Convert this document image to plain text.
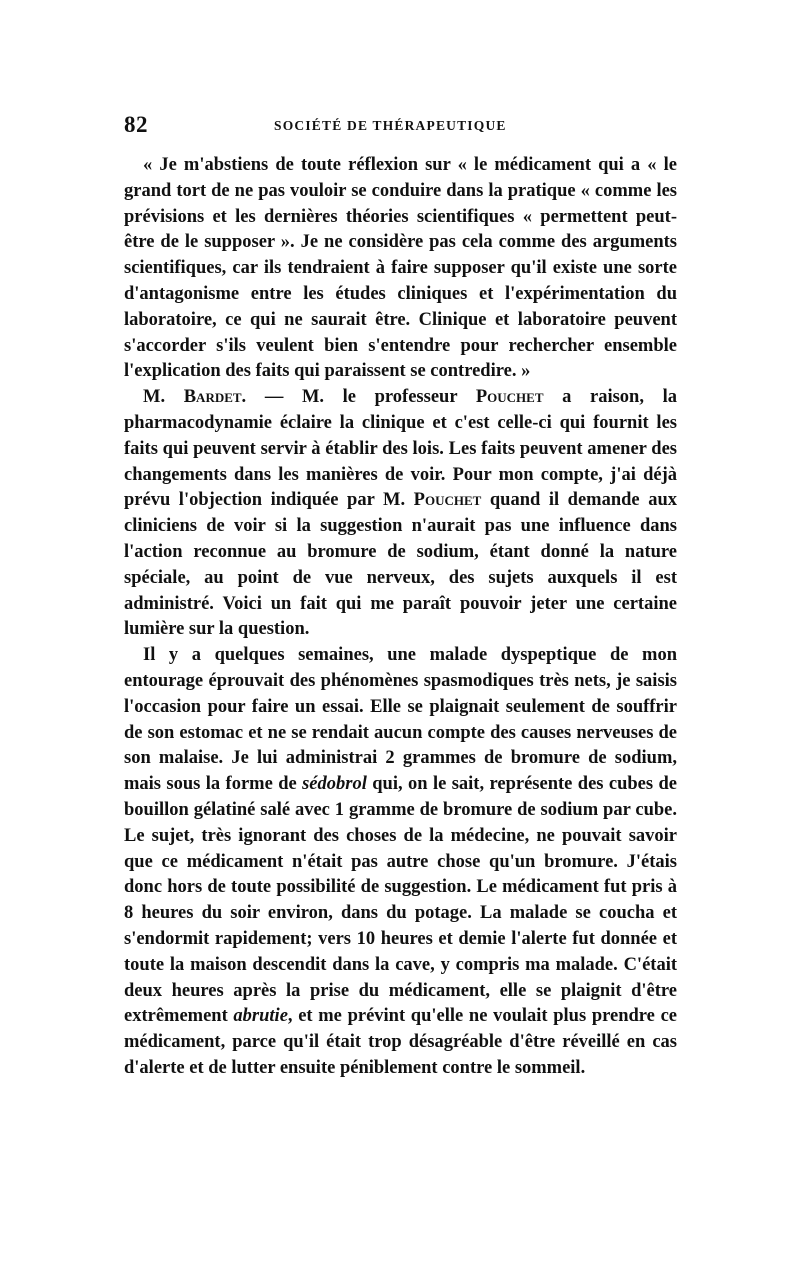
82	SOCIÉTÉ DE THÉRAPEUTIQUE

« Je m'abstiens de toute réflexion sur « le médicament qui a « le grand tort de ne pas vouloir se conduire dans la pratique « comme les prévisions et les dernières théories scientifiques « permettent peut-être de le supposer ». Je ne considère pas cela comme des arguments scientifiques, car ils tendraient à faire supposer qu'il existe une sorte d'antagonisme entre les études cliniques et l'expérimentation du laboratoire, ce qui ne saurait être. Clinique et laboratoire peuvent s'accorder s'ils veulent bien s'entendre pour rechercher ensemble l'explication des faits qui paraissent se contredire. »

M. Bardet. — M. le professeur Pouchet a raison, la pharmacodynamie éclaire la clinique et c'est celle-ci qui fournit les faits qui peuvent servir à établir des lois. Les faits peuvent amener des changements dans les manières de voir. Pour mon compte, j'ai déjà prévu l'objection indiquée par M. Pouchet quand il demande aux cliniciens de voir si la suggestion n'aurait pas une influence dans l'action reconnue au bromure de sodium, étant donné la nature spéciale, au point de vue nerveux, des sujets auxquels il est administré. Voici un fait qui me paraît pouvoir jeter une certaine lumière sur la question.

Il y a quelques semaines, une malade dyspeptique de mon entourage éprouvait des phénomènes spasmodiques très nets, je saisis l'occasion pour faire un essai. Elle se plaignait seulement de souffrir de son estomac et ne se rendait aucun compte des causes nerveuses de son malaise. Je lui administrai 2 grammes de bromure de sodium, mais sous la forme de sédobrol qui, on le sait, représente des cubes de bouillon gélatiné salé avec 1 gramme de bromure de sodium par cube. Le sujet, très ignorant des choses de la médecine, ne pouvait savoir que ce médicament n'était pas autre chose qu'un bromure. J'étais donc hors de toute possibilité de suggestion. Le médicament fut pris à 8 heures du soir environ, dans du potage. La malade se coucha et s'endormit rapidement; vers 10 heures et demie l'alerte fut donnée et toute la maison descendit dans la cave, y compris ma malade. C'était deux heures après la prise du médicament, elle se plaignit d'être extrêmement abrutie, et me prévint qu'elle ne voulait plus prendre ce médicament, parce qu'il était trop désagréable d'être réveillé en cas d'alerte et de lutter ensuite péniblement contre le sommeil.
